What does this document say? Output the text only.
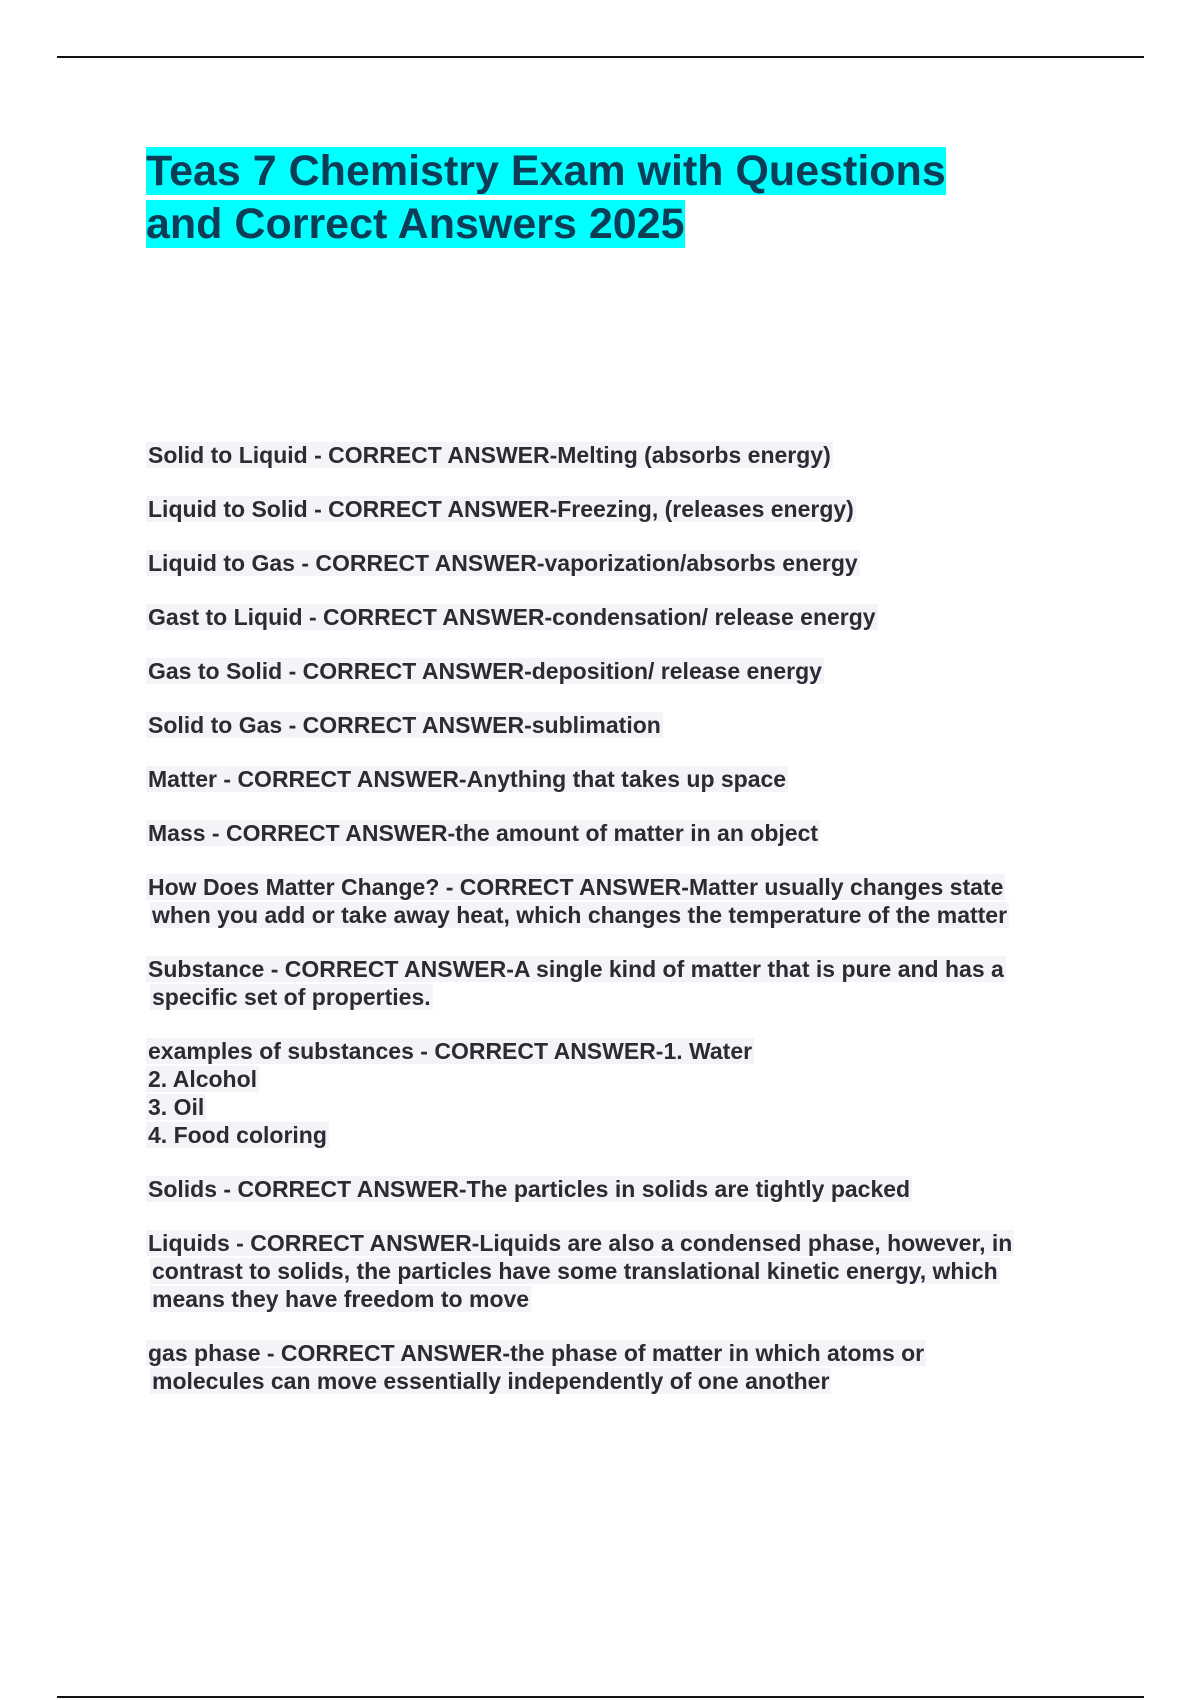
Teas 7 Chemistry Exam with Questions
and Correct Answers 2025
Solid to Liquid - CORRECT ANSWER-Melting (absorbs energy)
Liquid to Solid - CORRECT ANSWER-Freezing, (releases energy)
Liquid to Gas - CORRECT ANSWER-vaporization/absorbs energy
Gast to Liquid - CORRECT ANSWER-condensation/ release energy
Gas to Solid - CORRECT ANSWER-deposition/ release energy
Solid to Gas - CORRECT ANSWER-sublimation
Matter - CORRECT ANSWER-Anything that takes up space
Mass - CORRECT ANSWER-the amount of matter in an object
How Does Matter Change? - CORRECT ANSWER-Matter usually changes state
when you add or take away heat, which changes the temperature of the matter
Substance - CORRECT ANSWER-A single kind of matter that is pure and has a
specific set of properties.
examples of substances - CORRECT ANSWER-1. Water
2. Alcohol
3. Oil
4. Food coloring
Solids - CORRECT ANSWER-The particles in solids are tightly packed
Liquids - CORRECT ANSWER-Liquids are also a condensed phase, however, in
contrast to solids, the particles have some translational kinetic energy, which
means they have freedom to move
gas phase - CORRECT ANSWER-the phase of matter in which atoms or
molecules can move essentially independently of one another
